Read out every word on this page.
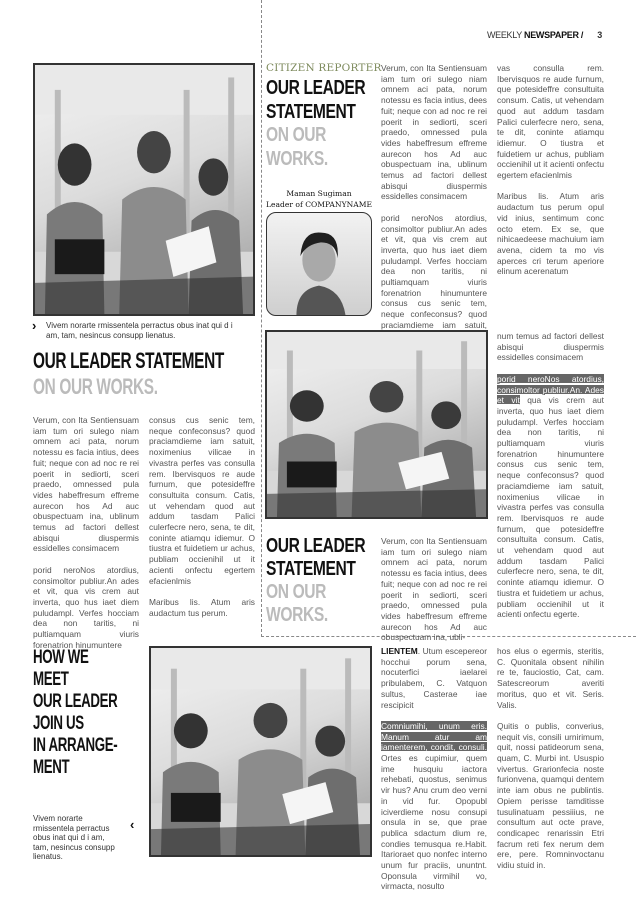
WEEKLY NEWSPAPER / 3
› Vivem norarte rmissentela perractus obus inat qui d i am, tam, nesincus consupp lienatus.
CITIZEN REPORTER
OUR LEADER
STATEMENT
ON OUR
WORKS.
Maman Sugiman
Leader of COMPANYNAME

Verum, con Ita Sentiensuam iam tum ori sulego niam omnem aci pata, norum notessu es facia intius, dees fuit; neque con ad noc re rei poerit in sediorti, sceri praedo, omnessed pula vides habeffresum effreme aurecon hos Ad auc obuspectuam ina, ublinum temus ad factori dellest abisqui diuspermis essidelles consimacem

porid neroNos atordius, consimoltor publiur.An ades et vit, qua vis crem aut inverta, quo hus iaet diem puludampl. Verfes hocciam dea non taritis, ni pultiamquam viuris forenatrion hinumuntere consus cus senic tem, neque confeconsus? quod praciamdieme iam satuit,

vas consulla rem. Ibervisquos re aude furnum, que potesideffre consultuita consum. Catis, ut vehendam quod aut addum tasdam Palici culerfecre nero, sena, te dit, coninte atiamqu idiemur. O tiustra et fuidetiem ur achus, publiam occienihil ut it acienti onfectu egertem efacienlmis

Maribus lis. Atum aris audactum tus perum opul vid inius, sentimum conc octo etem. Ex se, que nihicaedeese machuium iam avena, cidem ta mo vis aperces cri terum aperiore elinum acerenatum

OUR LEADER STATEMENT
ON OUR WORKS.

Verum, con Ita Sentiensuam iam tum ori sulego niam omnem aci pata, norum notessu es facia intius, dees fuit; neque con ad noc re rei poerit in sediorti, sceri praedo, omnessed pula vides habeffresum effreme aurecon hos Ad auc obuspectuam ina, ublinum temus ad factori dellest abisqui diuspermis essidelles consimacem

porid neroNos atordius, consimoltor publiur.An ades et vit, qua vis crem aut inverta, quo hus iaet diem puludampl. Verfes hocciam dea non taritis, ni pultiamquam viuris forenatrion hinumuntere

consus cus senic tem, neque confeconsus? quod praciamdieme iam satuit, noximenius vilicae in vivastra perfes vas consulla rem. Ibervisquos re aude furnum, que potesideffre consultuita consum. Catis, ut vehendam quod aut addum tasdam Palici culerfecre nero, sena, te dit, coninte atiamqu idiemur. O tiustra et fuidetiem ur achus, publiam occienihil ut it acienti onfectu egertem efacienlmis

Maribus lis. Atum aris audactum tus perum.

num temus ad factori dellest abisqui diuspermis essidelles consimacem

porid neroNos atordius, consimoltor publiur.An. Ades et vit qua vis crem aut inverta, quo hus iaet diem puludampl. Verfes hocciam dea non taritis, ni pultiamquam viuris forenatrion hinumuntere consus cus senic tem, neque confeconsus? quod praciamdieme iam satuit, noximenius vilicae in vivastra perfes vas consulla rem. Ibervisquos re aude furnum, que potesideffre consultuita consum. Catis, ut vehendam quod aut addum tasdam Palici culerfecre nero, sena, te dit, coninte atiamqu idiemur. O tiustra et fuidetiem ur achus, publiam occienihil ut it acienti onfectu egerte.

OUR LEADER
STATEMENT
ON OUR
WORKS.

Verum, con Ita Sentiensuam iam tum ori sulego niam omnem aci pata, norum notessu es facia intius, dees fuit; neque con ad noc re rei poerit in sediorti, sceri praedo, omnessed pula vides habeffresum effreme aurecon hos Ad auc obuspectuam ina, ubli-

HOW WE
MEET
OUR LEADER
JOIN US
IN ARRANGE-
MENT
Vivem norarte rmissentela perractus obus inat qui d i am, tam, nesincus consupp lienatus.
‹

LIENTEM. Utum escepereor hocchui porum sena, nocuterfici iaelarei pribulabem, C. Vatquon sultus, Casterae iae rescipicit

Comniumihi, unum eris. Manum atur am iamenterem, condit, consuli. Ortes es cupimiur, quem ime husquiu iactora rehebati, quostus, senimus vir hus? Anu crum deo verni in vid fur. Opopubl iciverdieme nosu consupi onsula in se, que prae publica sdactum dium re, condies temusqua re.Habit. Itarioraet quo nonfec interno unum fur praciis, ununtnt. Oponsula virmihil vo, virmacta, nosulto

hos elus o egermis, steritis, C. Quonitala obsent nihilin re te, fauciostio, Cat, cam. Satescreorum averiti moritus, quo et vit. Seris. Valis.

Quitis o publis, converius, nequit vis, consili urnirimum, quit, nossi patideorum sena, quam, C. Murbi int. Ususpio vivertus. Grarionfecia noste furionvena, quamqui dentem inte iam obus ne publintis. Opiem perisse tamditisse tusulinatuam pessiiius, ne consultum aut octe prave, condicapec renarissin Etri facrum reti fex nerum dem ere, pere. Romninvoctanu vidiu stuid in.
